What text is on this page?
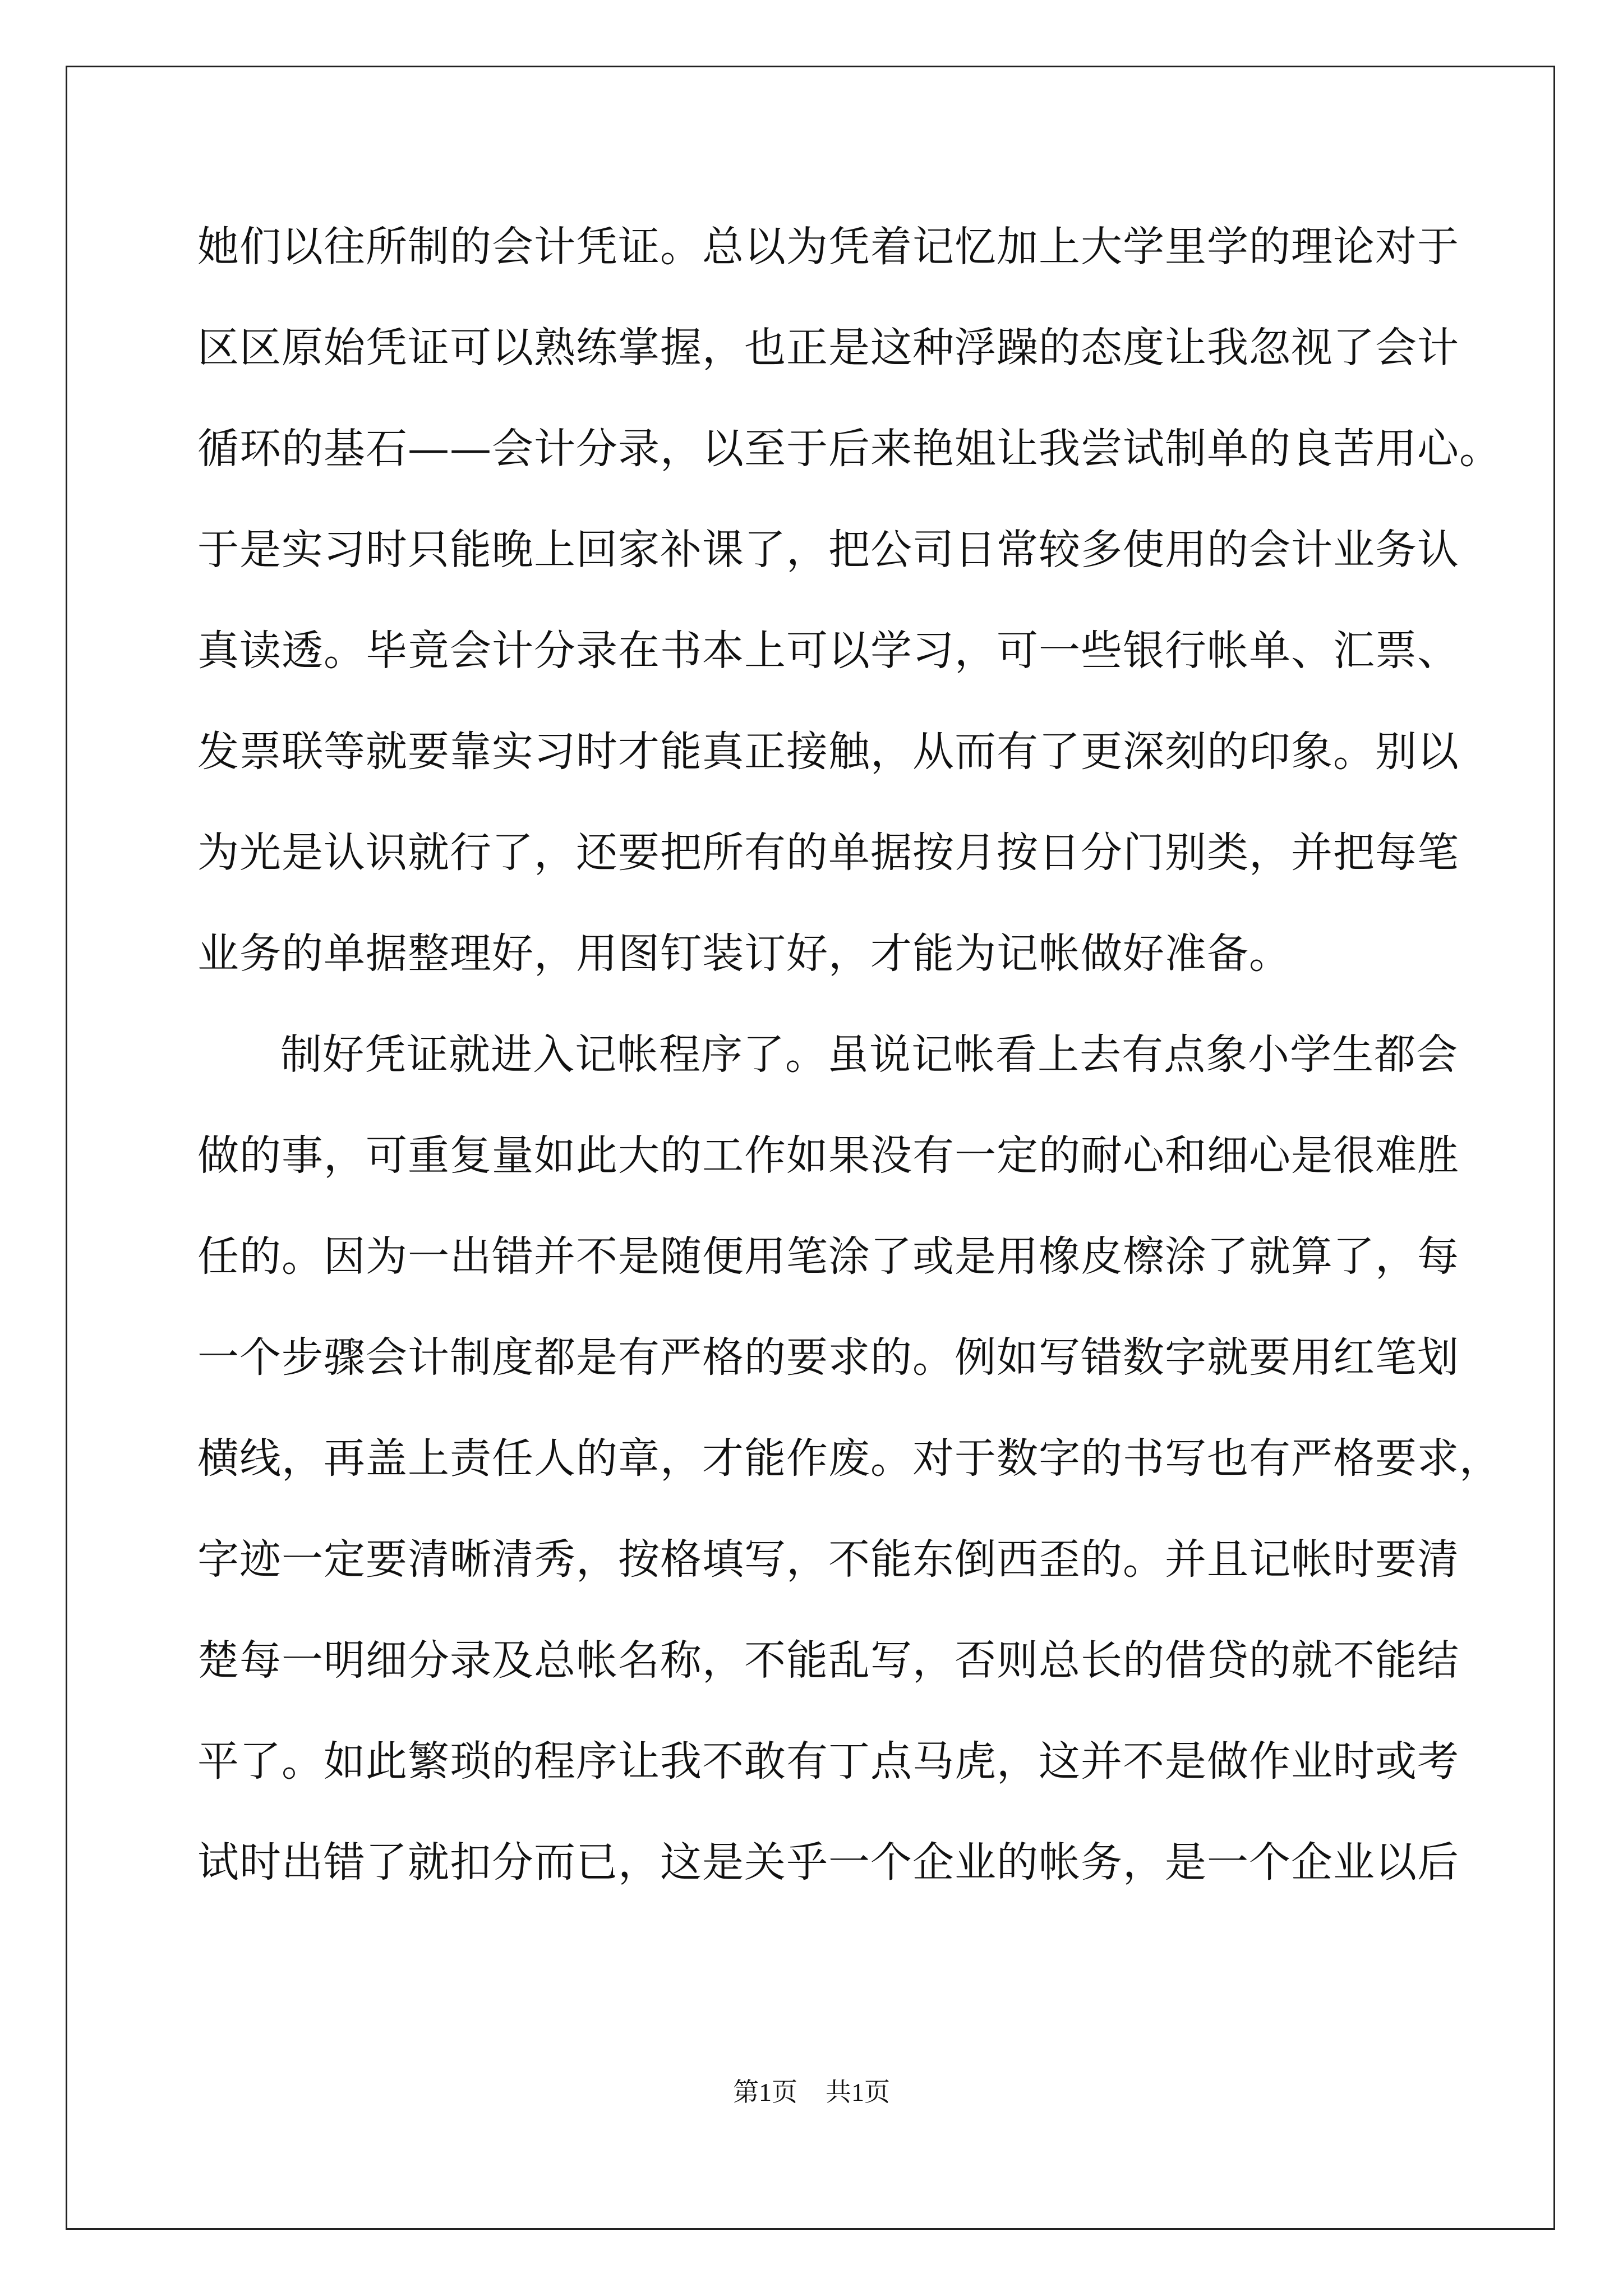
她们以往所制的会计凭证。总以为凭着记忆加上大学里学的理论对于
区区原始凭证可以熟练掌握，也正是这种浮躁的态度让我忽视了会计
循环的基石——会计分录，以至于后来艳姐让我尝试制单的良苦用心。
于是实习时只能晚上回家补课了，把公司日常较多使用的会计业务认
真读透。毕竟会计分录在书本上可以学习，可一些银行帐单、汇票、
发票联等就要靠实习时才能真正接触，从而有了更深刻的印象。别以
为光是认识就行了，还要把所有的单据按月按日分门别类，并把每笔
业务的单据整理好，用图钉装订好，才能为记帐做好准备。
制好凭证就进入记帐程序了。虽说记帐看上去有点象小学生都会
做的事，可重复量如此大的工作如果没有一定的耐心和细心是很难胜
任的。因为一出错并不是随便用笔涂了或是用橡皮檫涂了就算了，每
一个步骤会计制度都是有严格的要求的。例如写错数字就要用红笔划
横线，再盖上责任人的章，才能作废。对于数字的书写也有严格要求，
字迹一定要清晰清秀，按格填写，不能东倒西歪的。并且记帐时要清
楚每一明细分录及总帐名称，不能乱写，否则总长的借贷的就不能结
平了。如此繁琐的程序让我不敢有丁点马虎，这并不是做作业时或考
试时出错了就扣分而已，这是关乎一个企业的帐务，是一个企业以后
第1页 共1页
